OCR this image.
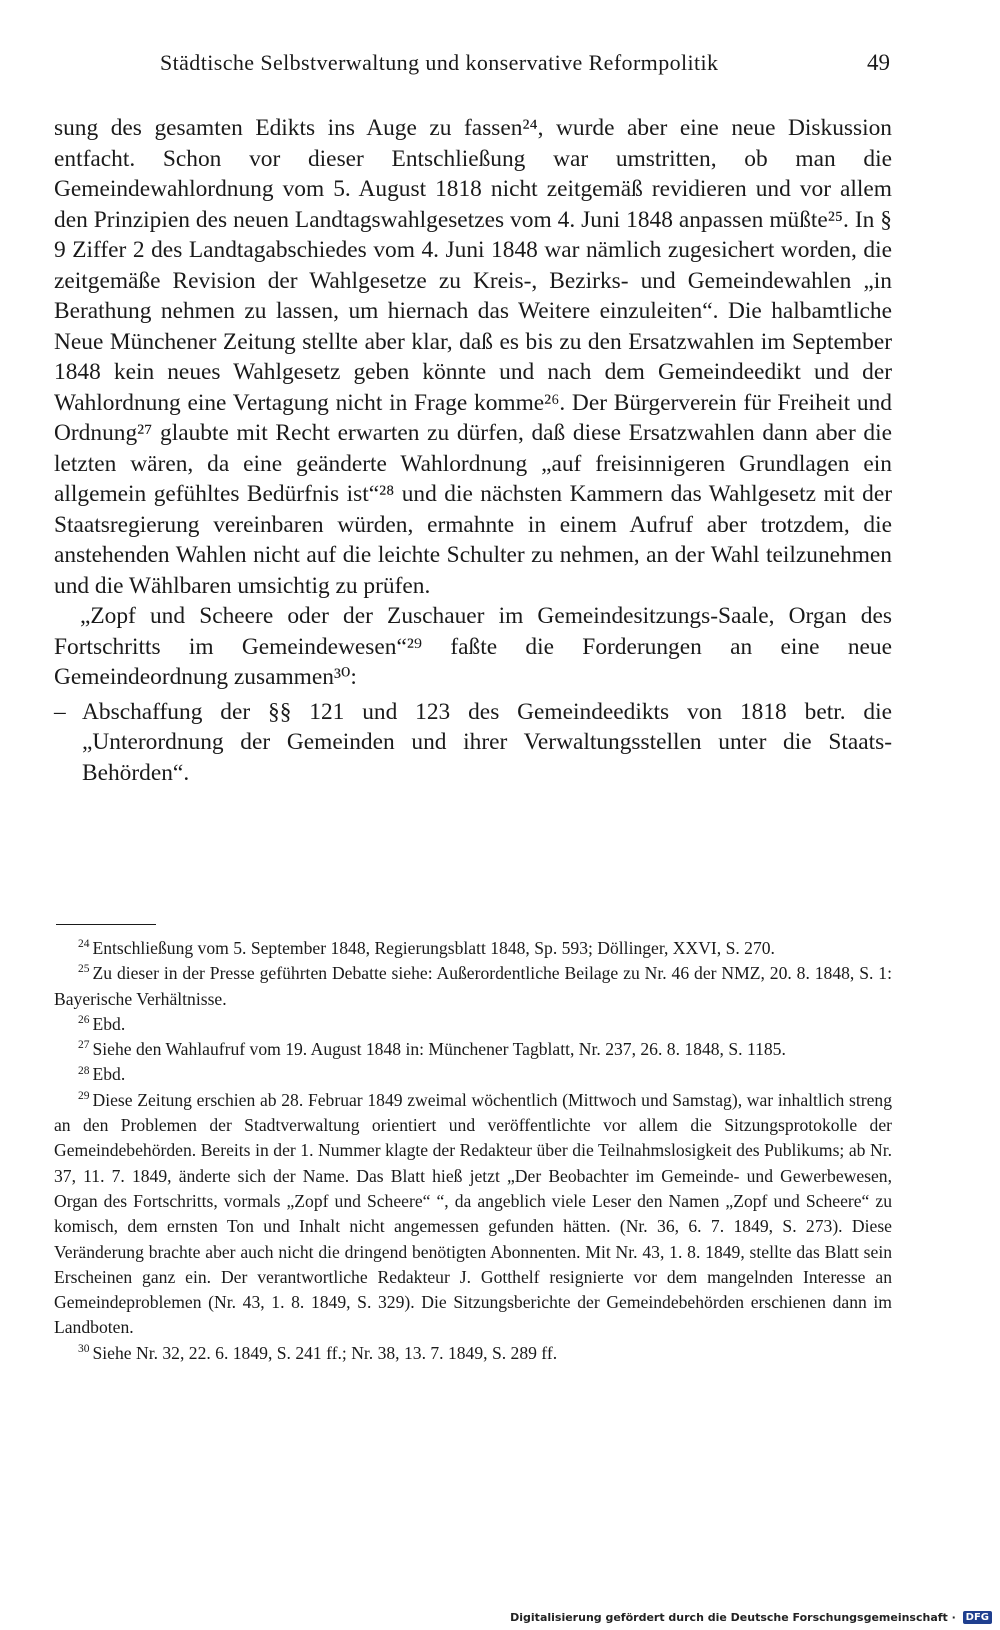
Städtische Selbstverwaltung und konservative Reformpolitik	49

sung des gesamten Edikts ins Auge zu fassen²⁴, wurde aber eine neue Diskussion entfacht. Schon vor dieser Entschließung war umstritten, ob man die Gemeindewahlordnung vom 5. August 1818 nicht zeitgemäß revidieren und vor allem den Prinzipien des neuen Landtagswahlgesetzes vom 4. Juni 1848 anpassen müßte²⁵. In § 9 Ziffer 2 des Landtagabschiedes vom 4. Juni 1848 war nämlich zugesichert worden, die zeitgemäße Revision der Wahlgesetze zu Kreis-, Bezirks- und Gemeindewahlen „in Berathung nehmen zu lassen, um hiernach das Weitere einzuleiten“. Die halbamtliche Neue Münchener Zeitung stellte aber klar, daß es bis zu den Ersatzwahlen im September 1848 kein neues Wahlgesetz geben könnte und nach dem Gemeindeedikt und der Wahlordnung eine Vertagung nicht in Frage komme²⁶. Der Bürgerverein für Freiheit und Ordnung²⁷ glaubte mit Recht erwarten zu dürfen, daß diese Ersatzwahlen dann aber die letzten wären, da eine geänderte Wahlordnung „auf freisinnigeren Grundlagen ein allgemein gefühltes Bedürfnis ist“²⁸ und die nächsten Kammern das Wahlgesetz mit der Staatsregierung vereinbaren würden, ermahnte in einem Aufruf aber trotzdem, die anstehenden Wahlen nicht auf die leichte Schulter zu nehmen, an der Wahl teilzunehmen und die Wählbaren umsichtig zu prüfen.

„Zopf und Scheere oder der Zuschauer im Gemeindesitzungs-Saale, Organ des Fortschritts im Gemeindewesen“²⁹ faßte die Forderungen an eine neue Gemeindeordnung zusammen³⁰:

– Abschaffung der §§ 121 und 123 des Gemeindeedikts von 1818 betr. die „Unterordnung der Gemeinden und ihrer Verwaltungsstellen unter die Staats-Behörden“.

$^{24}$ Entschließung vom 5. September 1848, Regierungsblatt 1848, Sp. 593; Döllinger, XXVI, S. 270.

$^{25}$ Zu dieser in der Presse geführten Debatte siehe: Außerordentliche Beilage zu Nr. 46 der NMZ, 20. 8. 1848, S. 1: Bayerische Verhältnisse.

$^{26}$ Ebd.

$^{27}$ Siehe den Wahlaufruf vom 19. August 1848 in: Münchener Tagblatt, Nr. 237, 26. 8. 1848, S. 1185.

$^{28}$ Ebd.

$^{29}$ Diese Zeitung erschien ab 28. Februar 1849 zweimal wöchentlich (Mittwoch und Samstag), war inhaltlich streng an den Problemen der Stadtverwaltung orientiert und veröffentlichte vor allem die Sitzungsprotokolle der Gemeindebehörden. Bereits in der 1. Nummer klagte der Redakteur über die Teilnahmslosigkeit des Publikums; ab Nr. 37, 11. 7. 1849, änderte sich der Name. Das Blatt hieß jetzt „Der Beobachter im Gemeinde- und Gewerbewesen, Organ des Fortschritts, vormals „Zopf und Scheere“ “, da angeblich viele Leser den Namen „Zopf und Scheere“ zu komisch, dem ernsten Ton und Inhalt nicht angemessen gefunden hätten. (Nr. 36, 6. 7. 1849, S. 273). Diese Veränderung brachte aber auch nicht die dringend benötigten Abonnenten. Mit Nr. 43, 1. 8. 1849, stellte das Blatt sein Erscheinen ganz ein. Der verantwortliche Redakteur J. Gotthelf resignierte vor dem mangelnden Interesse an Gemeindeproblemen (Nr. 43, 1. 8. 1849, S. 329). Die Sitzungsberichte der Gemeindebehörden erschienen dann im Landboten.

$^{30}$ Siehe Nr. 32, 22. 6. 1849, S. 241 ff.; Nr. 38, 13. 7. 1849, S. 289 ff.

Digitalisierung gefördert durch die Deutsche Forschungsgemeinschaft · DFG
